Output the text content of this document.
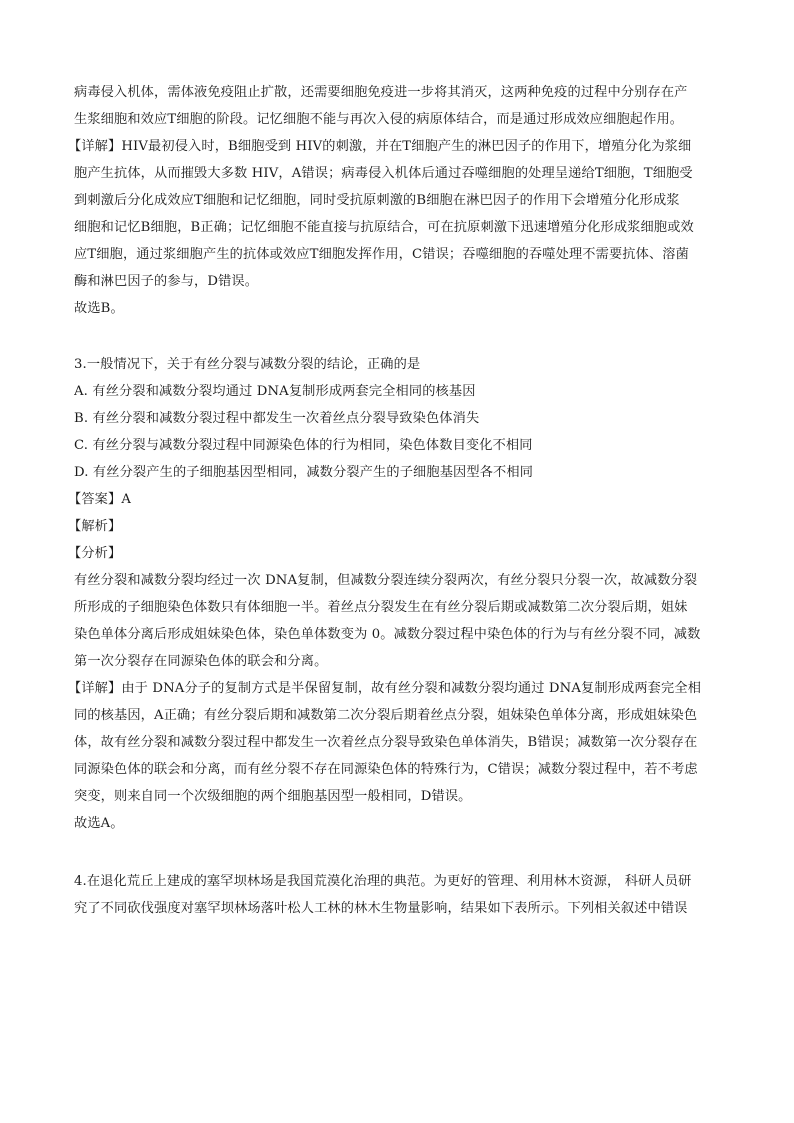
病毒侵入机体，需体液免疫阻止扩散，还需要细胞免疫进一步将其消灭，这两种免疫的过程中分别存在产
生浆细胞和效应T细胞的阶段。记忆细胞不能与再次入侵的病原体结合，而是通过形成效应细胞起作用。
【详解】HIV最初侵入时，B细胞受到 HIV的刺激，并在T细胞产生的淋巴因子的作用下，增殖分化为浆细
胞产生抗体，从而摧毁大多数 HIV，A错误；病毒侵入机体后通过吞噬细胞的处理呈递给T细胞，T细胞受
到刺激后分化成效应T细胞和记忆细胞，同时受抗原刺激的B细胞在淋巴因子的作用下会增殖分化形成浆
细胞和记忆B细胞，B正确；记忆细胞不能直接与抗原结合，可在抗原刺激下迅速增殖分化形成浆细胞或效
应T细胞，通过浆细胞产生的抗体或效应T细胞发挥作用，C错误；吞噬细胞的吞噬处理不需要抗体、溶菌
酶和淋巴因子的参与，D错误。
故选B。
3.一般情况下，关于有丝分裂与减数分裂的结论，正确的是
A. 有丝分裂和减数分裂均通过 DNA复制形成两套完全相同的核基因
B. 有丝分裂和减数分裂过程中都发生一次着丝点分裂导致染色体消失
C. 有丝分裂与减数分裂过程中同源染色体的行为相同，染色体数目变化不相同
D. 有丝分裂产生的子细胞基因型相同，减数分裂产生的子细胞基因型各不相同
【答案】A
【解析】
【分析】
有丝分裂和减数分裂均经过一次 DNA复制，但减数分裂连续分裂两次，有丝分裂只分裂一次，故减数分裂
所形成的子细胞染色体数只有体细胞一半。着丝点分裂发生在有丝分裂后期或减数第二次分裂后期，姐妹
染色单体分离后形成姐妹染色体，染色单体数变为 0。减数分裂过程中染色体的行为与有丝分裂不同，减数
第一次分裂存在同源染色体的联会和分离。
【详解】由于 DNA分子的复制方式是半保留复制，故有丝分裂和减数分裂均通过 DNA复制形成两套完全相
同的核基因，A正确；有丝分裂后期和减数第二次分裂后期着丝点分裂，姐妹染色单体分离，形成姐妹染色
体，故有丝分裂和减数分裂过程中都发生一次着丝点分裂导致染色单体消失，B错误；减数第一次分裂存在
同源染色体的联会和分离，而有丝分裂不存在同源染色体的特殊行为，C错误；减数分裂过程中，若不考虑
突变，则来自同一个次级细胞的两个细胞基因型一般相同，D错误。
故选A。
4.在退化荒丘上建成的塞罕坝林场是我国荒漠化治理的典范。为更好的管理、利用林木资源， 科研人员研
究了不同砍伐强度对塞罕坝林场落叶松人工林的林木生物量影响，结果如下表所示。下列相关叙述中错误
